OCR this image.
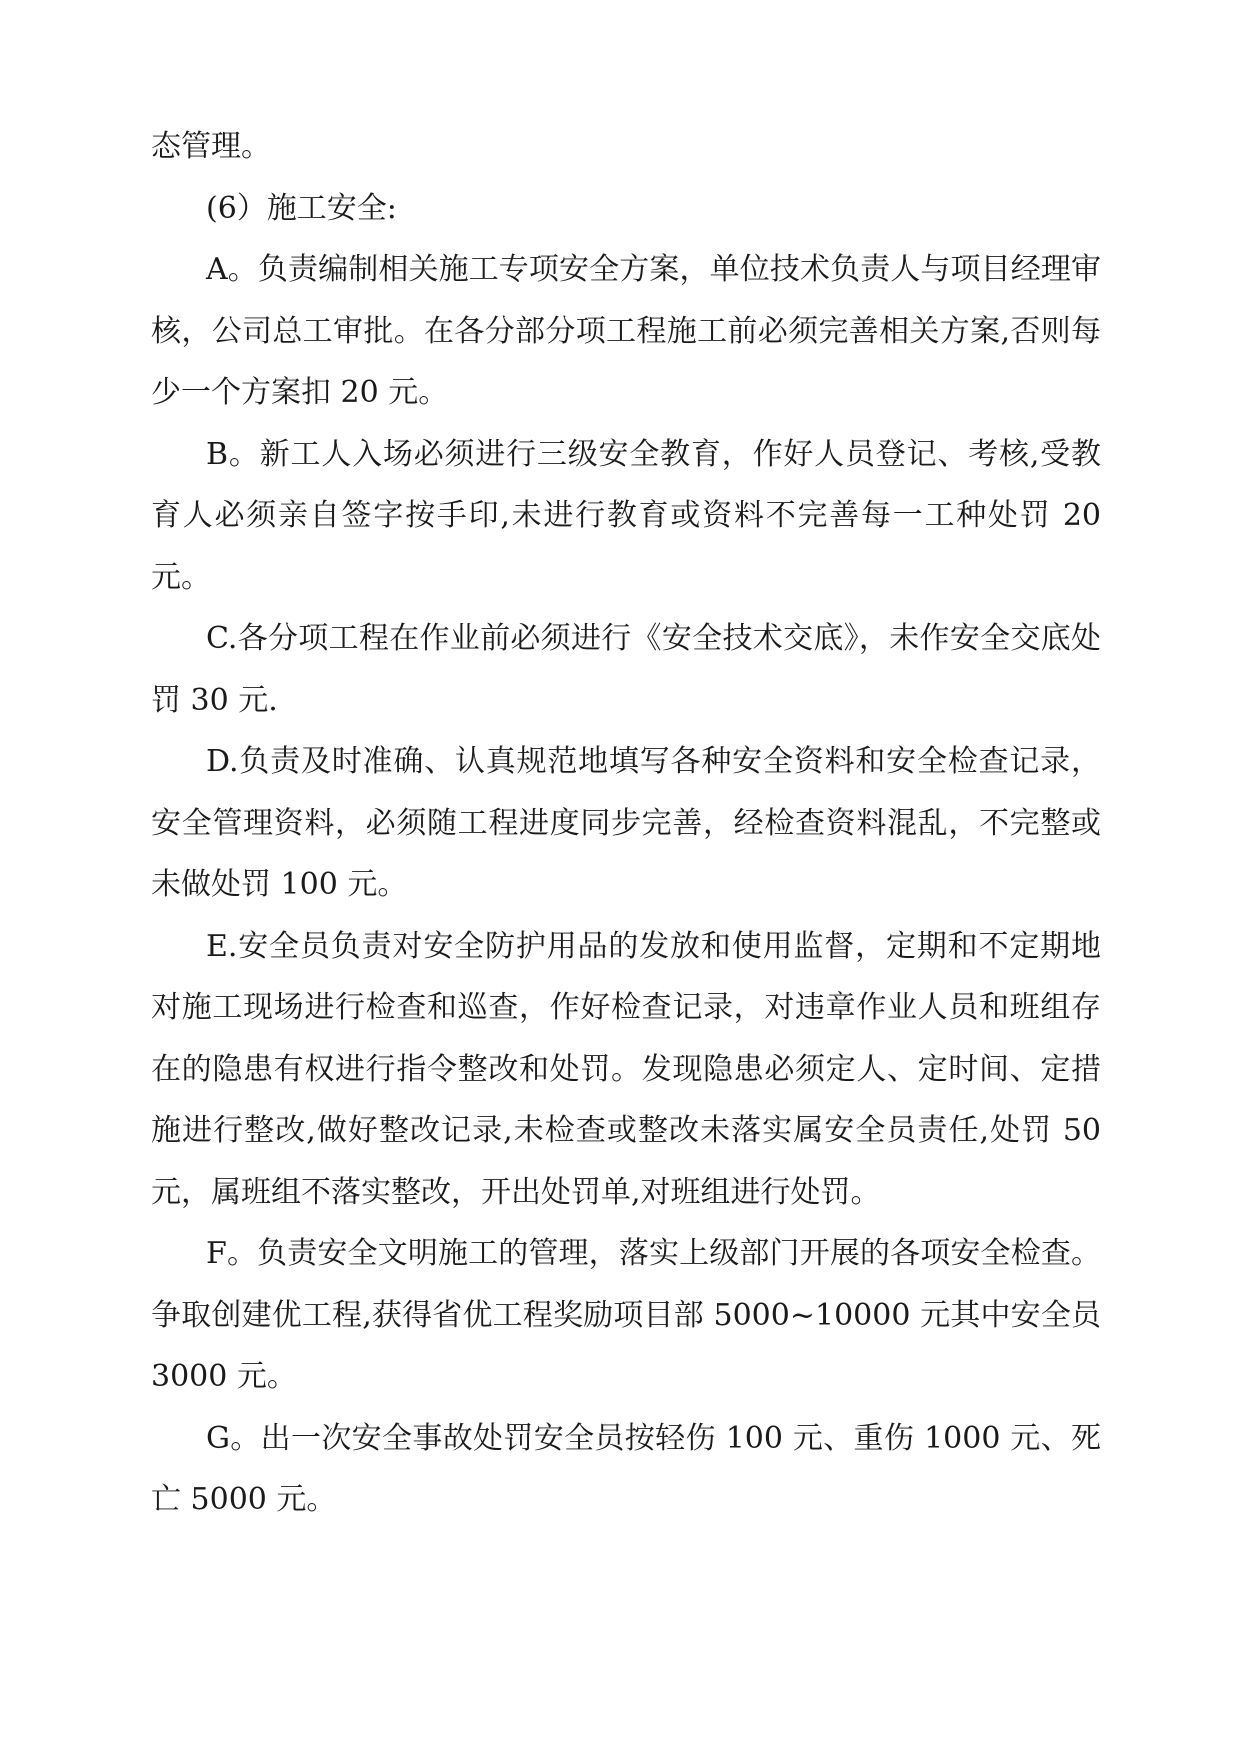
态管理。

(6）施工安全:

A。负责编制相关施工专项安全方案，单位技术负责人与项目经理审核，公司总工审批。在各分部分项工程施工前必须完善相关方案,否则每少一个方案扣 20 元。

B。新工人入场必须进行三级安全教育，作好人员登记、考核,受教育人必须亲自签字按手印,未进行教育或资料不完善每一工种处罚 20 元。

C.各分项工程在作业前必须进行《安全技术交底》，未作安全交底处罚 30 元.

D.负责及时准确、认真规范地填写各种安全资料和安全检查记录，安全管理资料，必须随工程进度同步完善，经检查资料混乱，不完整或未做处罚 100 元。

E.安全员负责对安全防护用品的发放和使用监督，定期和不定期地对施工现场进行检查和巡查，作好检查记录，对违章作业人员和班组存在的隐患有权进行指令整改和处罚。发现隐患必须定人、定时间、定措施进行整改,做好整改记录,未检查或整改未落实属安全员责任,处罚 50 元，属班组不落实整改，开出处罚单,对班组进行处罚。

F。负责安全文明施工的管理，落实上级部门开展的各项安全检查。争取创建优工程,获得省优工程奖励项目部 5000~10000 元其中安全员 3000 元。

G。出一次安全事故处罚安全员按轻伤 100 元、重伤 1000 元、死亡 5000 元。
